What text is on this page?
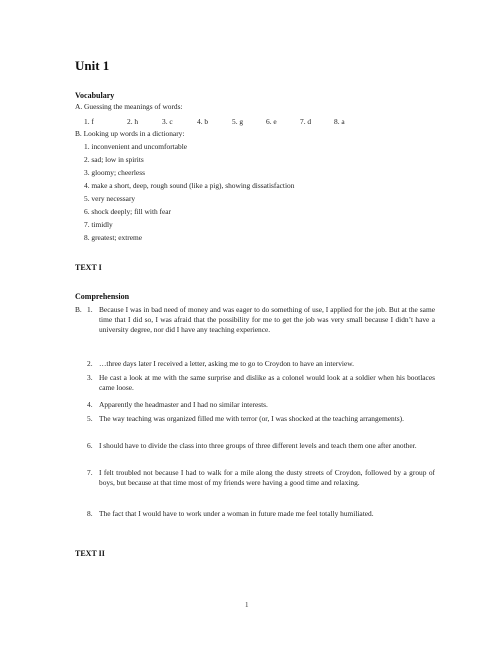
Unit 1
Vocabulary
A. Guessing the meanings of words:
1. f	2. h	3. c	4. b	5. g	6. e	7. d	8. a
B. Looking up words in a dictionary:
1. inconvenient and uncomfortable
2. sad; low in spirits
3. gloomy; cheerless
4. make a short, deep, rough sound (like a pig), showing dissatisfaction
5. very necessary
6. shock deeply; fill with fear
7. timidly
8. greatest; extreme
TEXT I
Comprehension
B. 1. Because I was in bad need of money and was eager to do something of use, I applied for the job. But at the same time that I did so, I was afraid that the possibility for me to get the job was very small because I didn’t have a university degree, nor did I have any teaching experience.
2. …three days later I received a letter, asking me to go to Croydon to have an interview.
3. He cast a look at me with the same surprise and dislike as a colonel would look at a soldier when his bootlaces came loose.
4. Apparently the headmaster and I had no similar interests.
5. The way teaching was organized filled me with terror (or, I was shocked at the teaching arrangements).
6. I should have to divide the class into three groups of three different levels and teach them one after another.
7. I felt troubled not because I had to walk for a mile along the dusty streets of Croydon, followed by a group of boys, but because at that time most of my friends were having a good time and relaxing.
8. The fact that I would have to work under a woman in future made me feel totally humiliated.
TEXT II
1
